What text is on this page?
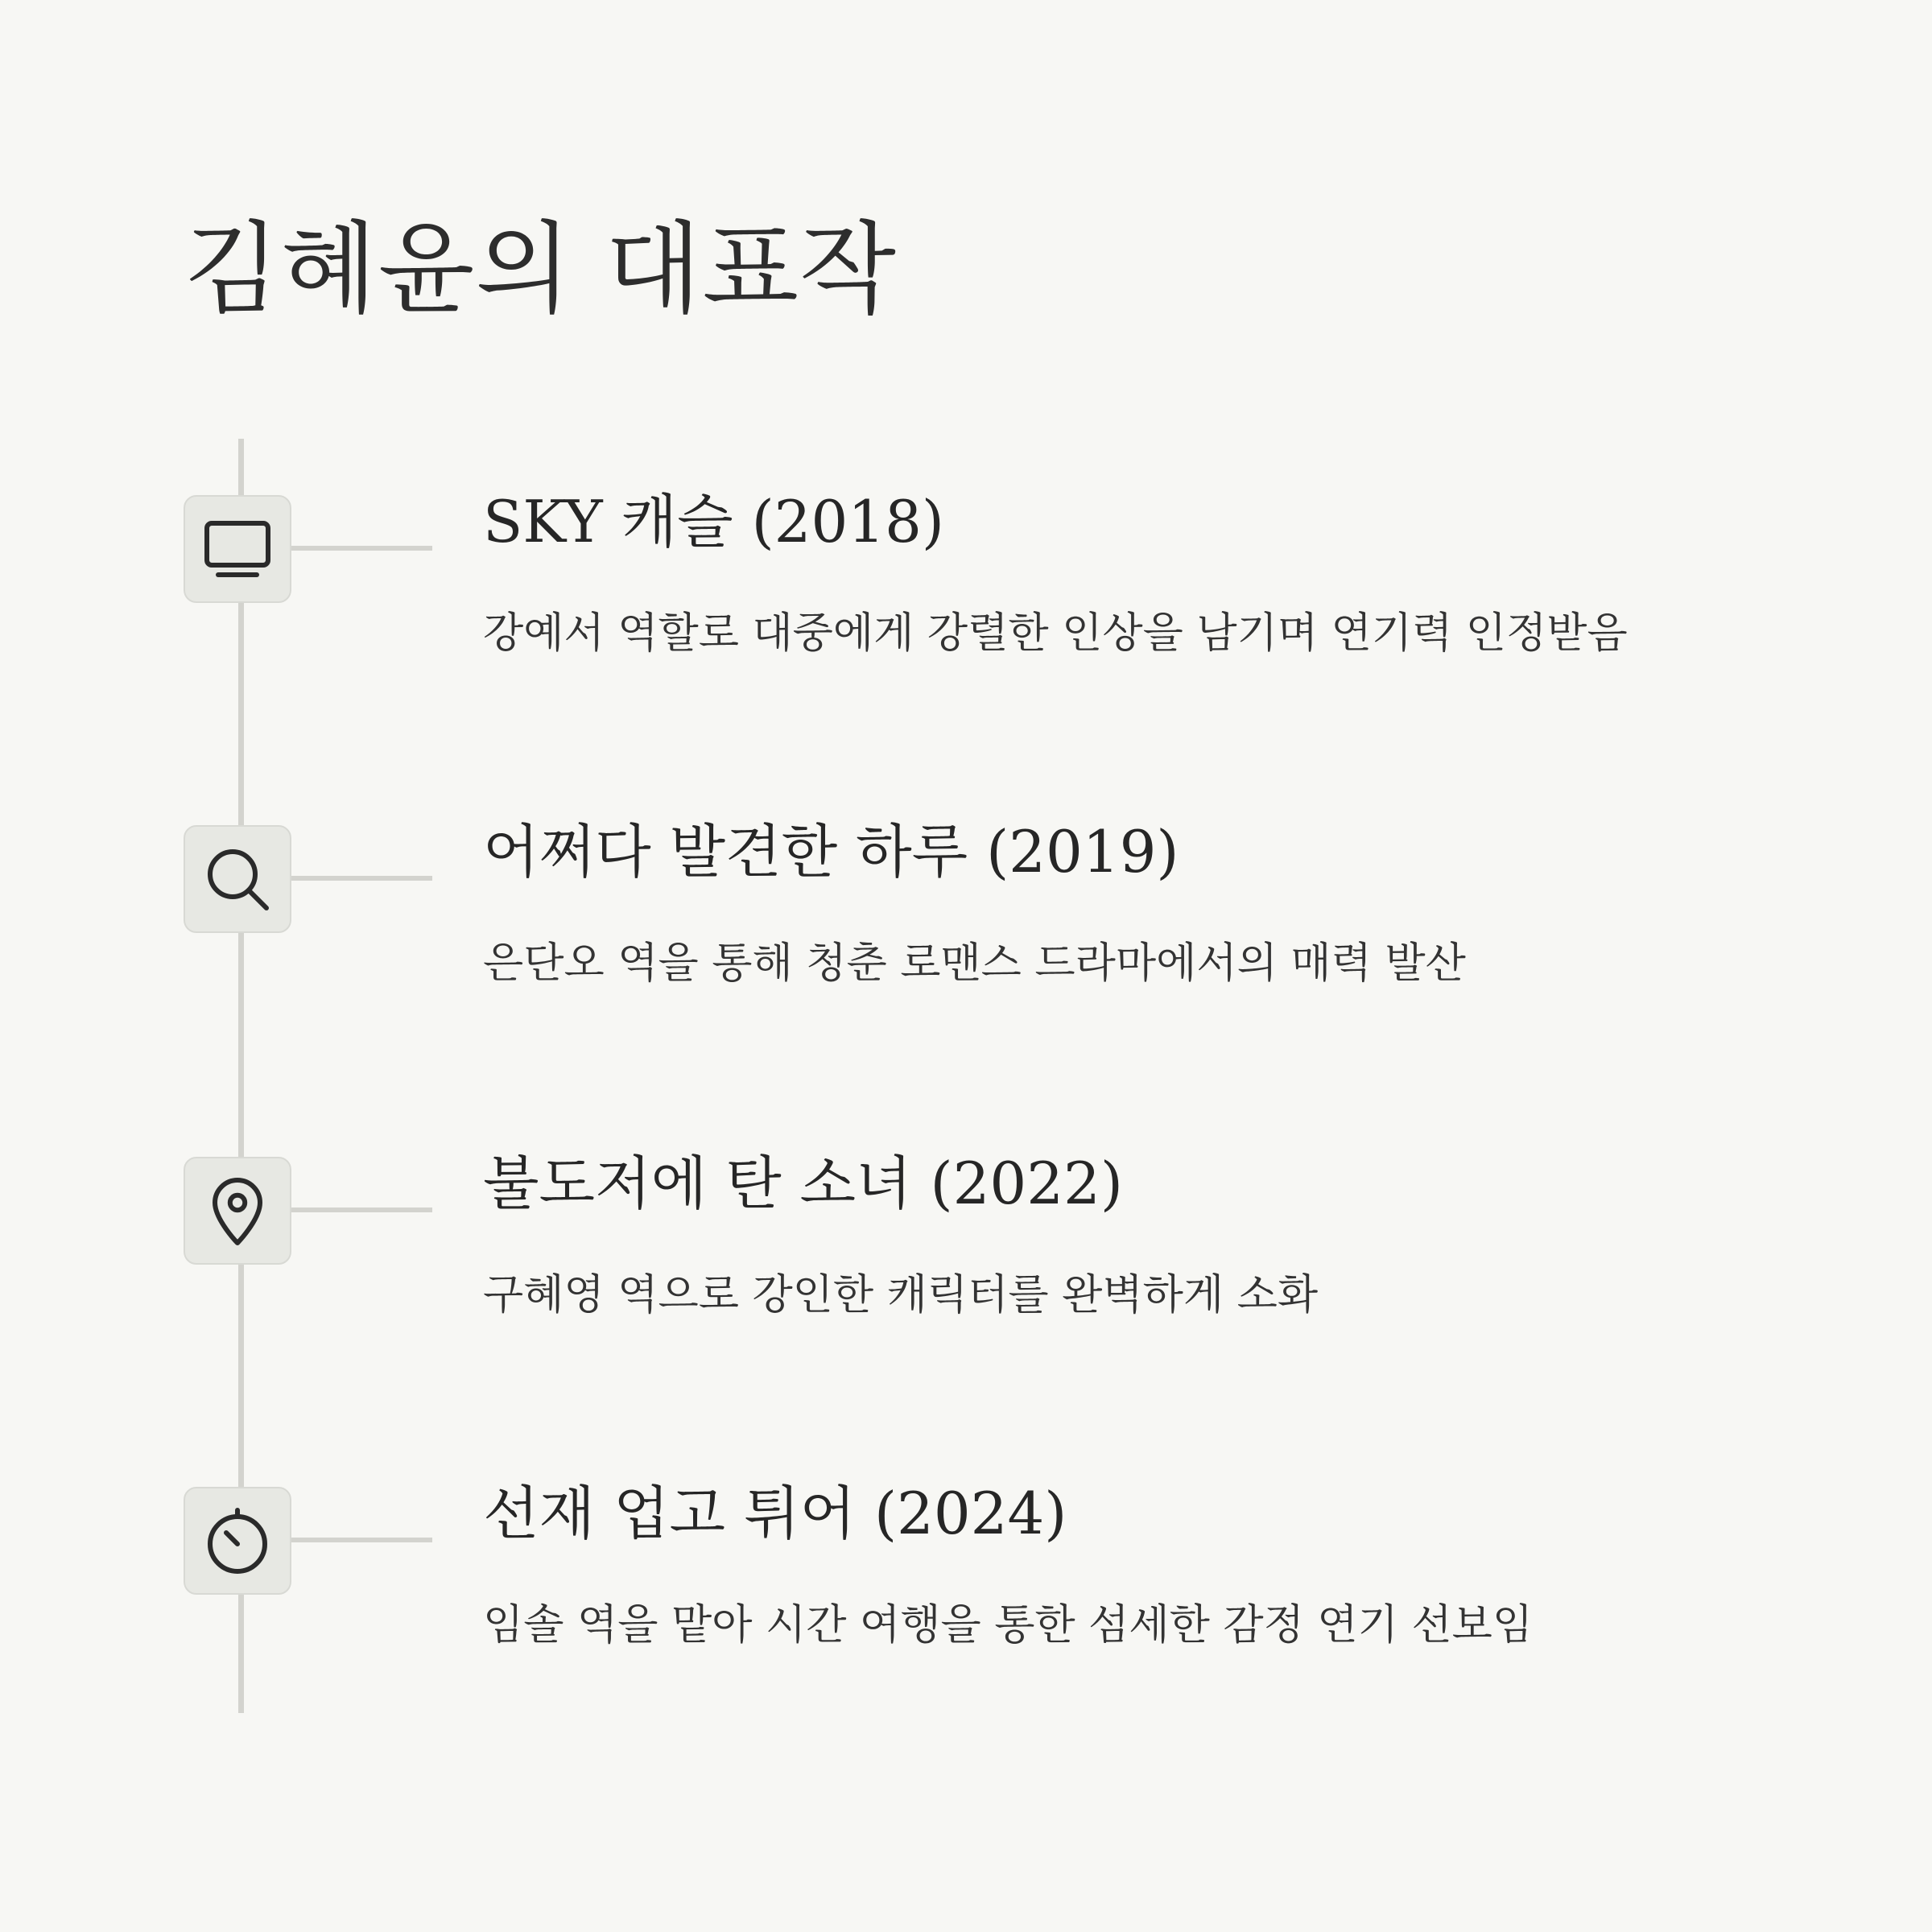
김혜윤의 대표작
SKY 캐슬 (2018)
강예서 역할로 대중에게 강렬한 인상을 남기며 연기력 인정받음
어쩌다 발견한 하루 (2019)
은단오 역을 통해 청춘 로맨스 드라마에서의 매력 발산
불도저에 탄 소녀 (2022)
구혜영 역으로 강인한 캐릭터를 완벽하게 소화
선재 업고 튀어 (2024)
임솔 역을 맡아 시간 여행을 통한 섬세한 감정 연기 선보임
